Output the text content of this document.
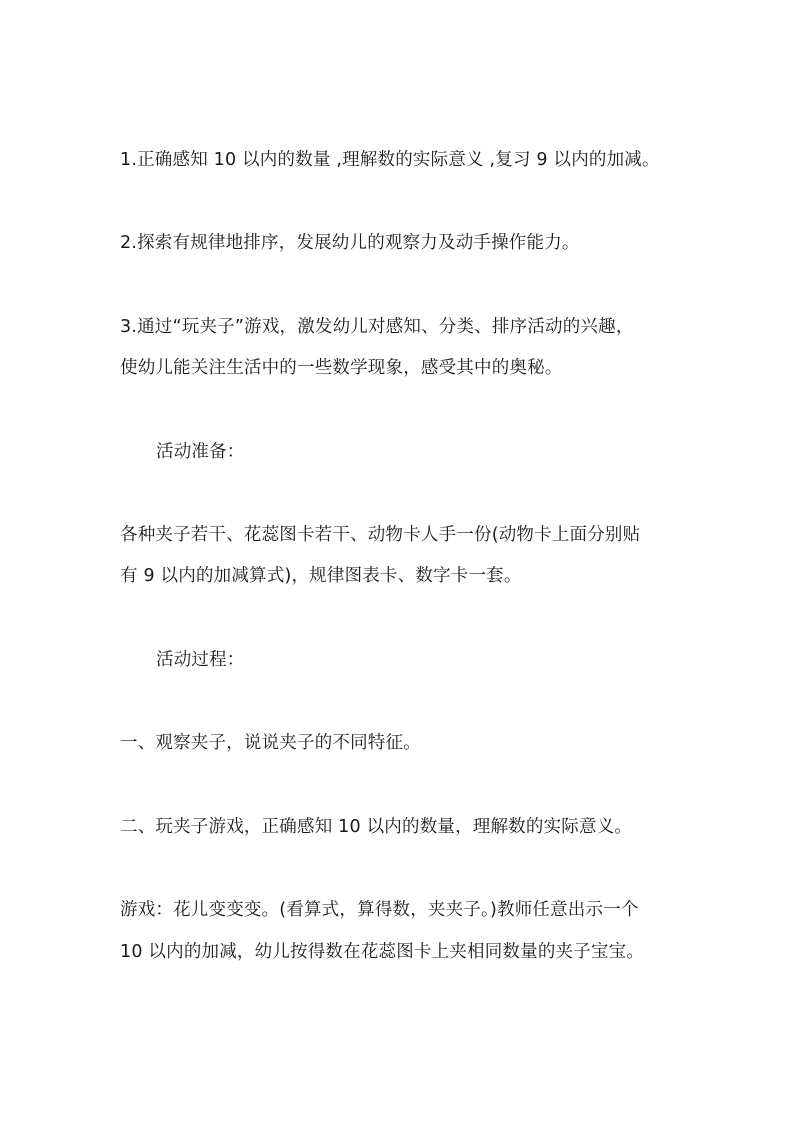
1.正确感知 10 以内的数量 ,理解数的实际意义 ,复习 9 以内的加减。
2.探索有规律地排序，发展幼儿的观察力及动手操作能力。
3.通过“玩夹子”游戏，激发幼儿对感知、分类、排序活动的兴趣，
使幼儿能关注生活中的一些数学现象，感受其中的奥秘。
活动准备：
各种夹子若干、花蕊图卡若干、动物卡人手一份(动物卡上面分别贴
有 9 以内的加减算式)，规律图表卡、数字卡一套。
活动过程：
一、观察夹子，说说夹子的不同特征。
二、玩夹子游戏，正确感知 10 以内的数量，理解数的实际意义。
游戏：花儿变变变。(看算式，算得数，夹夹子。)教师任意出示一个
10 以内的加减，幼儿按得数在花蕊图卡上夹相同数量的夹子宝宝。
